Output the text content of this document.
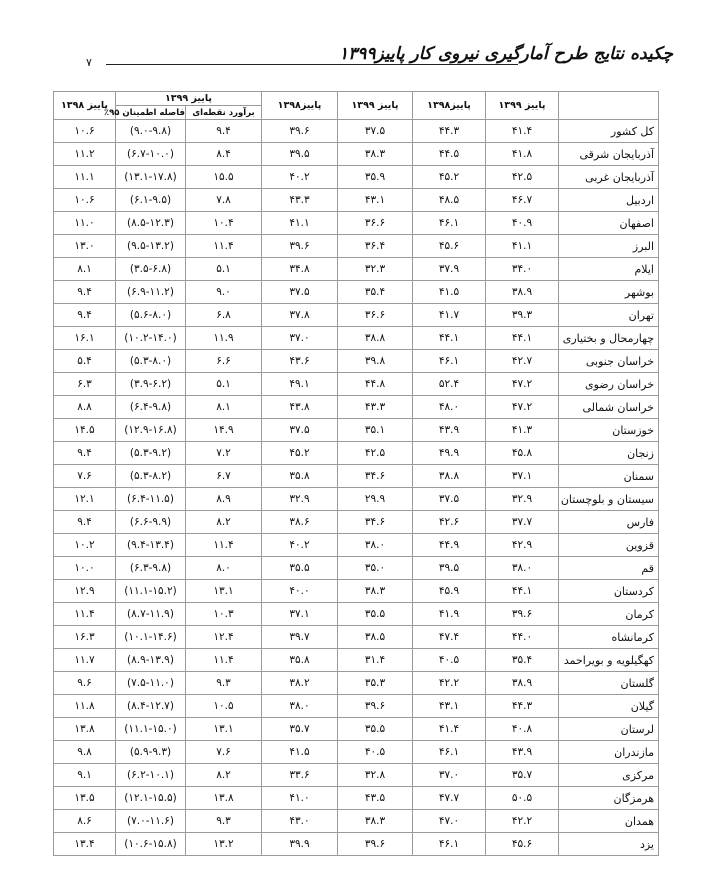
۷	چکیده نتایج طرح آمارگیری نیروی کار پاییز۱۳۹۹
	پاییز ۱۳۹۹	پاییز۱۳۹۸	پاییز ۱۳۹۹	پاییز۱۳۹۸	پاییز ۱۳۹۹		پاییز ۱۳۹۸
					برآورد نقطه‌ای	فاصله اطمینان ۹۵٪	
کل کشور	۴۱.۴	۴۴.۳	۳۷.۵	۳۹.۶	۹.۴	(۹.۰-۹.۸)	۱۰.۶
آذربایجان شرقی	۴۱.۸	۴۴.۵	۳۸.۳	۳۹.۵	۸.۴	(۶.۷-۱۰.۰)	۱۱.۲
آذربایجان غربی	۴۲.۵	۴۵.۲	۳۵.۹	۴۰.۲	۱۵.۵	(۱۳.۱-۱۷.۸)	۱۱.۱
اردبیل	۴۶.۷	۴۸.۵	۴۳.۱	۴۳.۳	۷.۸	(۶.۱-۹.۵)	۱۰.۶
اصفهان	۴۰.۹	۴۶.۱	۳۶.۶	۴۱.۱	۱۰.۴	(۸.۵-۱۲.۳)	۱۱.۰
البرز	۴۱.۱	۴۵.۶	۳۶.۴	۳۹.۶	۱۱.۴	(۹.۵-۱۳.۲)	۱۳.۰
ایلام	۳۴.۰	۳۷.۹	۳۲.۳	۳۴.۸	۵.۱	(۳.۵-۶.۸)	۸.۱
بوشهر	۳۸.۹	۴۱.۵	۳۵.۴	۳۷.۵	۹.۰	(۶.۹-۱۱.۲)	۹.۴
تهران	۳۹.۳	۴۱.۷	۳۶.۶	۳۷.۸	۶.۸	(۵.۶-۸.۰)	۹.۴
چهارمحال و بختیاری	۴۴.۱	۴۴.۱	۳۸.۸	۳۷.۰	۱۱.۹	(۱۰.۲-۱۴.۰)	۱۶.۱
خراسان جنوبی	۴۲.۷	۴۶.۱	۳۹.۸	۴۳.۶	۶.۶	(۵.۳-۸.۰)	۵.۴
خراسان رضوی	۴۷.۲	۵۲.۴	۴۴.۸	۴۹.۱	۵.۱	(۳.۹-۶.۲)	۶.۳
خراسان شمالی	۴۷.۲	۴۸.۰	۴۳.۳	۴۳.۸	۸.۱	(۶.۴-۹.۸)	۸.۸
خوزستان	۴۱.۳	۴۳.۹	۳۵.۱	۳۷.۵	۱۴.۹	(۱۲.۹-۱۶.۸)	۱۴.۵
زنجان	۴۵.۸	۴۹.۹	۴۲.۵	۴۵.۲	۷.۲	(۵.۳-۹.۲)	۹.۴
سمنان	۳۷.۱	۳۸.۸	۳۴.۶	۳۵.۸	۶.۷	(۵.۳-۸.۲)	۷.۶
سیستان و بلوچستان	۳۲.۹	۳۷.۵	۲۹.۹	۳۲.۹	۸.۹	(۶.۴-۱۱.۵)	۱۲.۱
فارس	۳۷.۷	۴۲.۶	۳۴.۶	۳۸.۶	۸.۲	(۶.۶-۹.۹)	۹.۴
قزوین	۴۲.۹	۴۴.۹	۳۸.۰	۴۰.۲	۱۱.۴	(۹.۴-۱۳.۴)	۱۰.۲
قم	۳۸.۰	۳۹.۵	۳۵.۰	۳۵.۵	۸.۰	(۶.۳-۹.۸)	۱۰.۰
کردستان	۴۴.۱	۴۵.۹	۳۸.۳	۴۰.۰	۱۳.۱	(۱۱.۱-۱۵.۲)	۱۲.۹
کرمان	۳۹.۶	۴۱.۹	۳۵.۵	۳۷.۱	۱۰.۳	(۸.۷-۱۱.۹)	۱۱.۴
کرمانشاه	۴۴.۰	۴۷.۴	۳۸.۵	۳۹.۷	۱۲.۴	(۱۰.۱-۱۴.۶)	۱۶.۳
کهگیلویه و بویراحمد	۳۵.۴	۴۰.۵	۳۱.۴	۳۵.۸	۱۱.۴	(۸.۹-۱۳.۹)	۱۱.۷
گلستان	۳۸.۹	۴۲.۲	۳۵.۳	۳۸.۲	۹.۳	(۷.۵-۱۱.۰)	۹.۶
گیلان	۴۴.۳	۴۳.۱	۳۹.۶	۳۸.۰	۱۰.۵	(۸.۴-۱۲.۷)	۱۱.۸
لرستان	۴۰.۸	۴۱.۴	۳۵.۵	۳۵.۷	۱۳.۱	(۱۱.۱-۱۵.۰)	۱۳.۸
مازندران	۴۳.۹	۴۶.۱	۴۰.۵	۴۱.۵	۷.۶	(۵.۹-۹.۳)	۹.۸
مرکزی	۳۵.۷	۳۷.۰	۳۲.۸	۳۳.۶	۸.۲	(۶.۲-۱۰.۱)	۹.۱
هرمزگان	۵۰.۵	۴۷.۷	۴۳.۵	۴۱.۰	۱۳.۸	(۱۲.۱-۱۵.۵)	۱۳.۵
همدان	۴۲.۲	۴۷.۰	۳۸.۳	۴۳.۰	۹.۳	(۷.۰-۱۱.۶)	۸.۶
یزد	۴۵.۶	۴۶.۱	۳۹.۶	۳۹.۹	۱۳.۲	(۱۰.۶-۱۵.۸)	۱۳.۴
